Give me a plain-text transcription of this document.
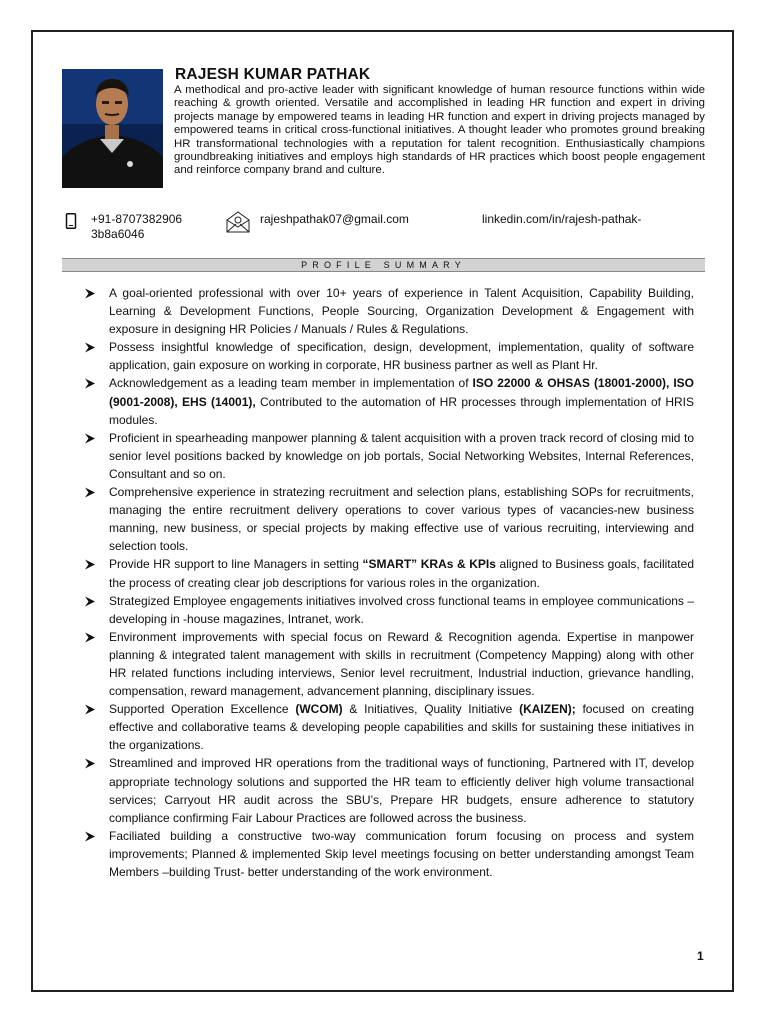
RAJESH KUMAR PATHAK

A methodical and pro-active leader with significant knowledge of human resource functions within wide reaching & growth oriented. Versatile and accomplished in leading HR function and expert in driving projects manage by empowered teams in leading HR function and expert in driving projects managed by empowered teams in critical cross-functional initiatives. A thought leader who promotes ground breaking HR transformational technologies with a reputation for talent recognition. Enthusiastically champions groundbreaking initiatives and employs high standards of HR practices which boost people engagement and reinforce company brand and culture.

+91-8707382906 3b8a6046
rajeshpathak07@gmail.com	linkedin.com/in/rajesh-pathak-
PROFILE SUMMARY
A goal-oriented professional with over 10+ years of experience in Talent Acquisition, Capability Building, Learning & Development Functions, People Sourcing, Organization Development & Engagement with exposure in designing HR Policies / Manuals / Rules & Regulations.
Possess insightful knowledge of specification, design, development, implementation, quality of software application, gain exposure on working in corporate, HR business partner as well as Plant Hr.
Acknowledgement as a leading team member in implementation of ISO 22000 & OHSAS (18001-2000), ISO (9001-2008), EHS (14001), Contributed to the automation of HR processes through implementation of HRIS modules.
Proficient in spearheading manpower planning & talent acquisition with a proven track record of closing mid to senior level positions backed by knowledge on job portals, Social Networking Websites, Internal References, Consultant and so on.
Comprehensive experience in stratezing recruitment and selection plans, establishing SOPs for recruitments, managing the entire recruitment delivery operations to cover various types of vacancies-new business manning, new business, or special projects by making effective use of various recruiting, interviewing and selection tools.
Provide HR support to line Managers in setting “SMART” KRAs & KPIs aligned to Business goals, facilitated the process of creating clear job descriptions for various roles in the organization.
Strategized Employee engagements initiatives involved cross functional teams in employee communications –developing in -house magazines, Intranet, work.
Environment improvements with special focus on Reward & Recognition agenda. Expertise in manpower planning & integrated talent management with skills in recruitment (Competency Mapping) along with other HR related functions including interviews, Senior level recruitment, Industrial induction, grievance handling, compensation, reward management, advancement planning, disciplinary issues.
Supported Operation Excellence (WCOM) & Initiatives, Quality Initiative (KAIZEN); focused on creating effective and collaborative teams & developing people capabilities and skills for sustaining these initiatives in the organizations.
Streamlined and improved HR operations from the traditional ways of functioning, Partnered with IT, develop appropriate technology solutions and supported the HR team to efficiently deliver high volume transactional services; Carryout HR audit across the SBU’s, Prepare HR budgets, ensure adherence to statutory compliance confirming Fair Labour Practices are followed across the business.
Faciliated building a constructive two-way communication forum focusing on process and system improvements; Planned & implemented Skip level meetings focusing on better understanding amongst Team Members –building Trust- better understanding of the work environment.
1
